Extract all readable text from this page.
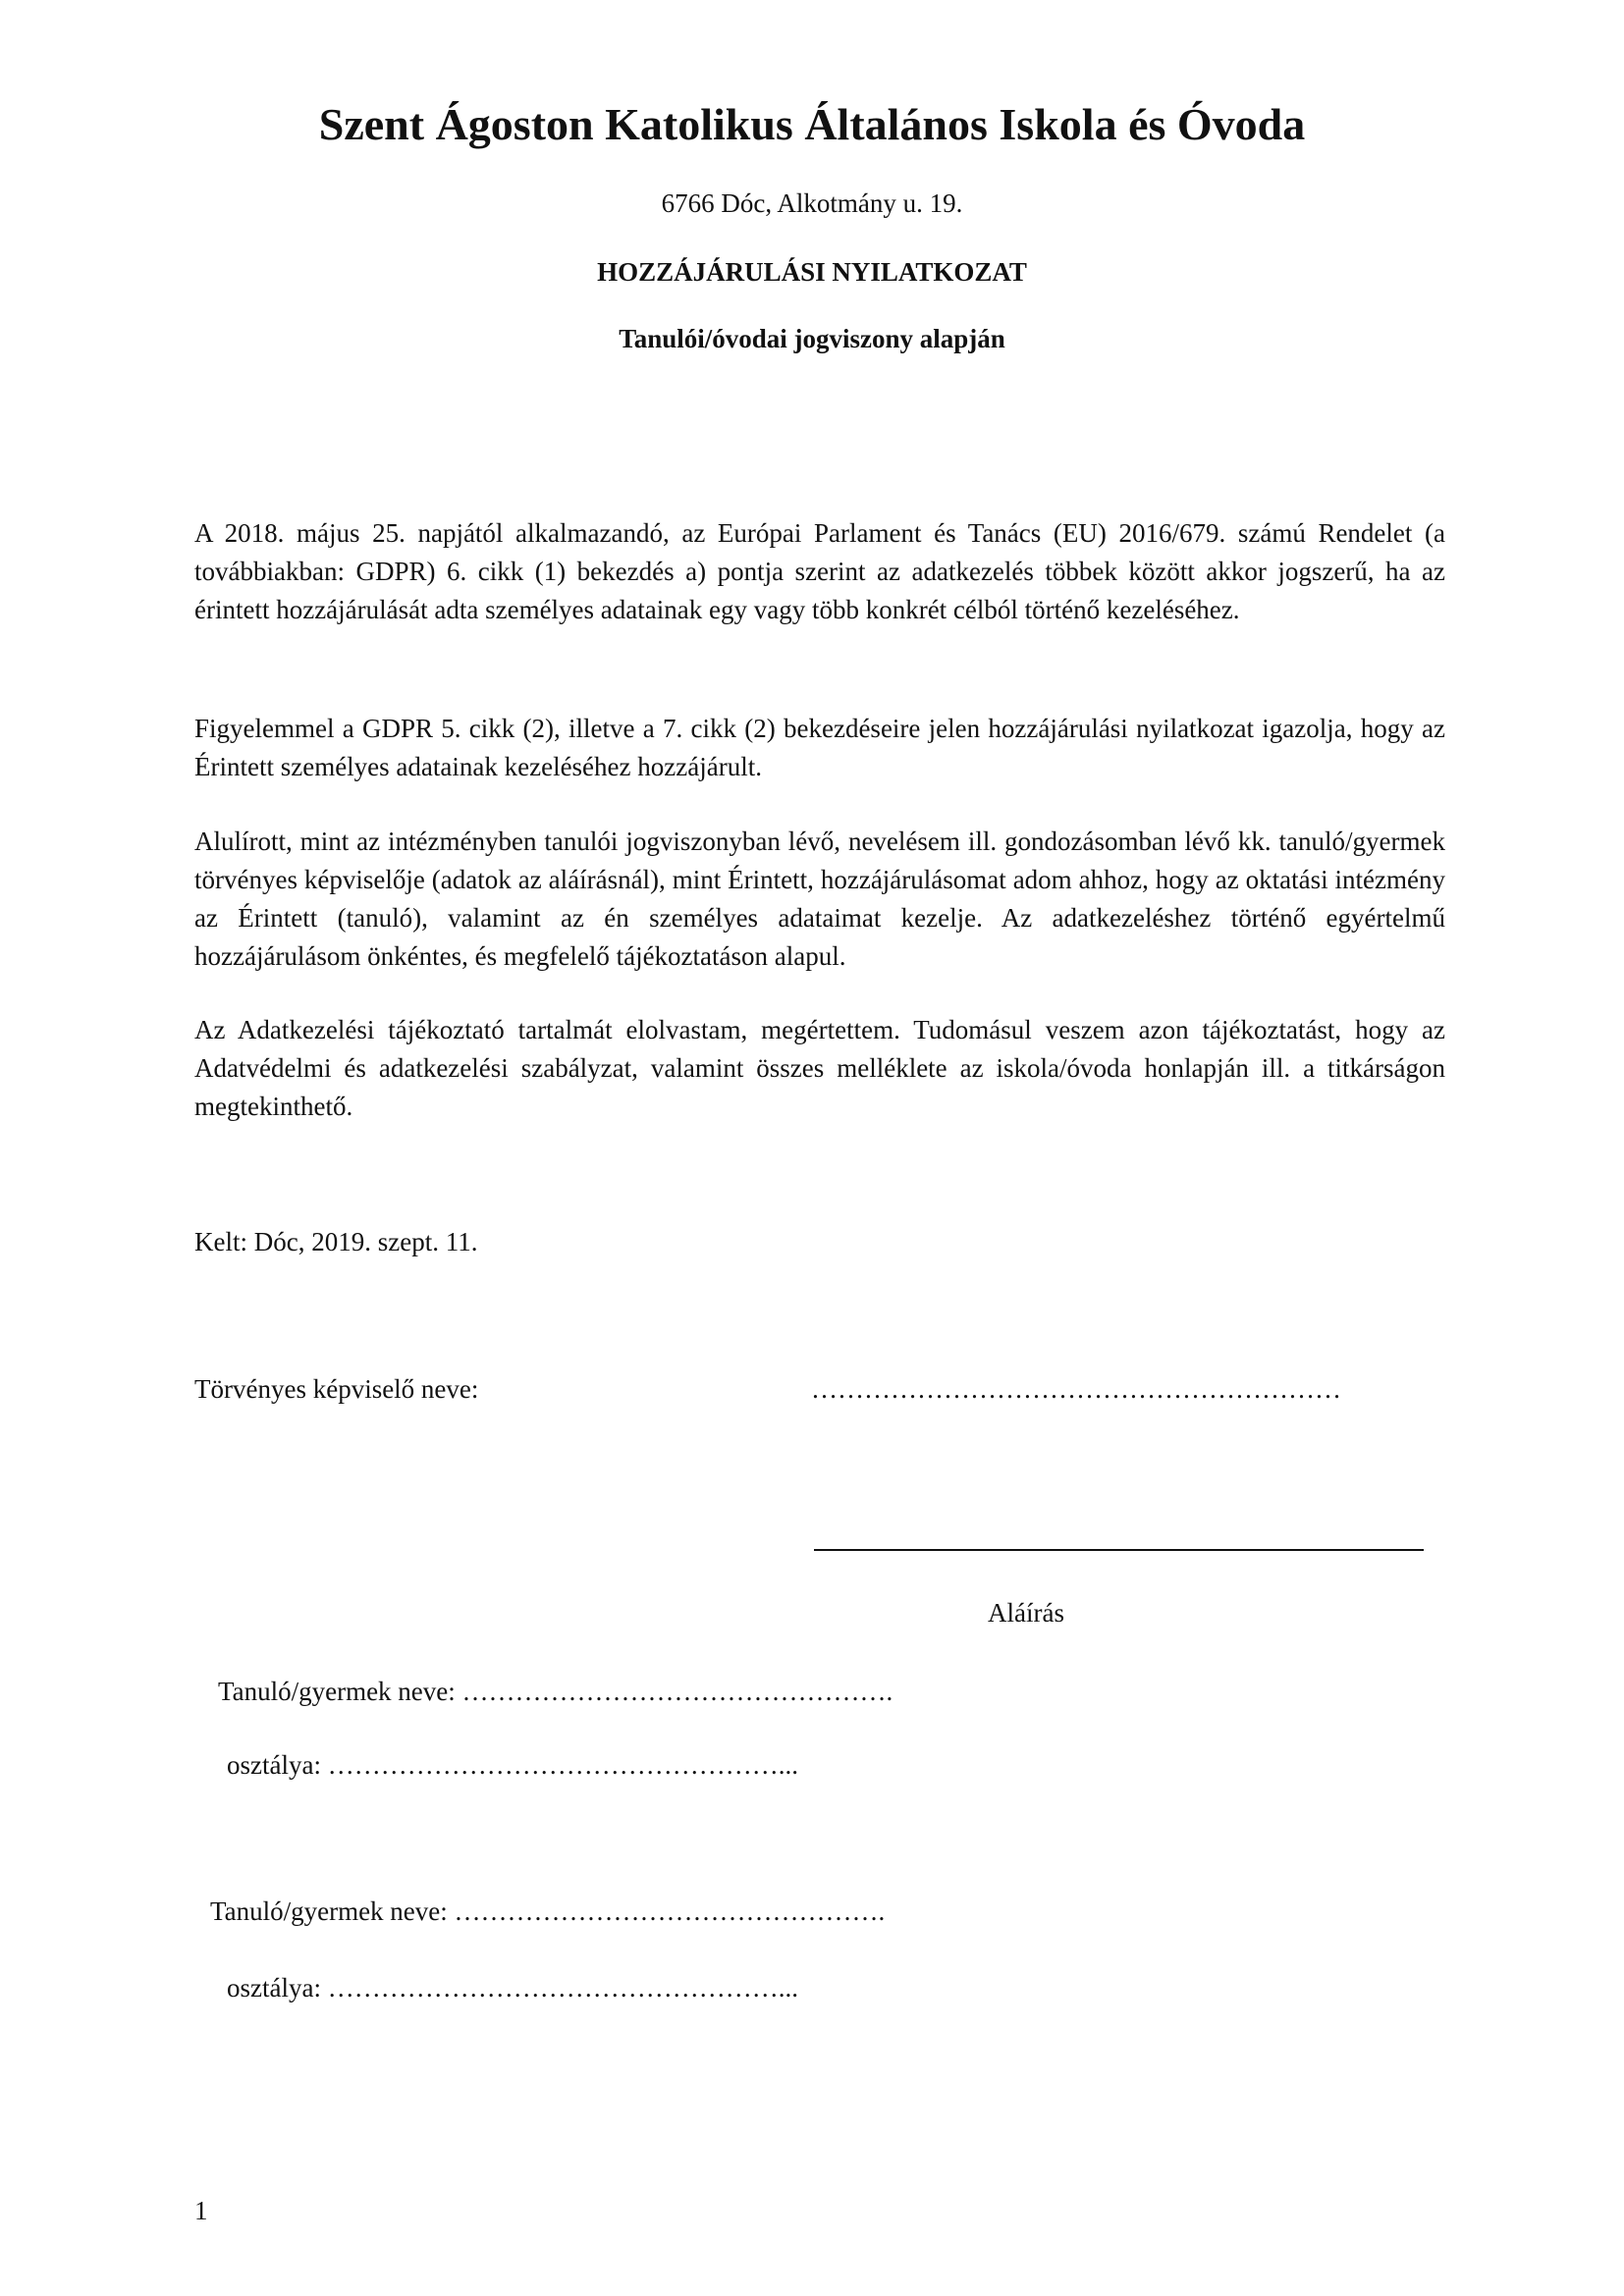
Szent Ágoston Katolikus Általános Iskola és Óvoda

6766 Dóc, Alkotmány u. 19.

HOZZÁJÁRULÁSI NYILATKOZAT

Tanulói/óvodai jogviszony alapján

A 2018. május 25. napjától alkalmazandó, az Európai Parlament és Tanács (EU) 2016/679. számú Rendelet (a továbbiakban: GDPR) 6. cikk (1) bekezdés a) pontja szerint az adatkezelés többek között akkor jogszerű, ha az érintett hozzájárulását adta személyes adatainak egy vagy több konkrét célból történő kezeléséhez.

Figyelemmel a GDPR 5. cikk (2), illetve a 7. cikk (2) bekezdéseire jelen hozzájárulási nyilatkozat igazolja, hogy az Érintett személyes adatainak kezeléséhez hozzájárult.

Alulírott, mint az intézményben tanulói jogviszonyban lévő, nevelésem ill. gondozásomban lévő kk. tanuló/gyermek törvényes képviselője (adatok az aláírásnál), mint Érintett, hozzájárulásomat adom ahhoz, hogy az oktatási intézmény az Érintett (tanuló), valamint az én személyes adataimat kezelje. Az adatkezeléshez történő egyértelmű hozzájárulásom önkéntes, és megfelelő tájékoztatáson alapul.

Az Adatkezelési tájékoztató tartalmát elolvastam, megértettem. Tudomásul veszem azon tájékoztatást, hogy az Adatvédelmi és adatkezelési szabályzat, valamint összes melléklete az iskola/óvoda honlapján ill. a titkárságon megtekinthető.

Kelt: Dóc, 2019. szept. 11.

Törvényes képviselő neve:	……………………………………………………

Aláírás

Tanuló/gyermek neve: ………………………………………….

osztálya: ……………………………………………...

Tanuló/gyermek neve: ………………………………………….

osztálya: ……………………………………………...

1
